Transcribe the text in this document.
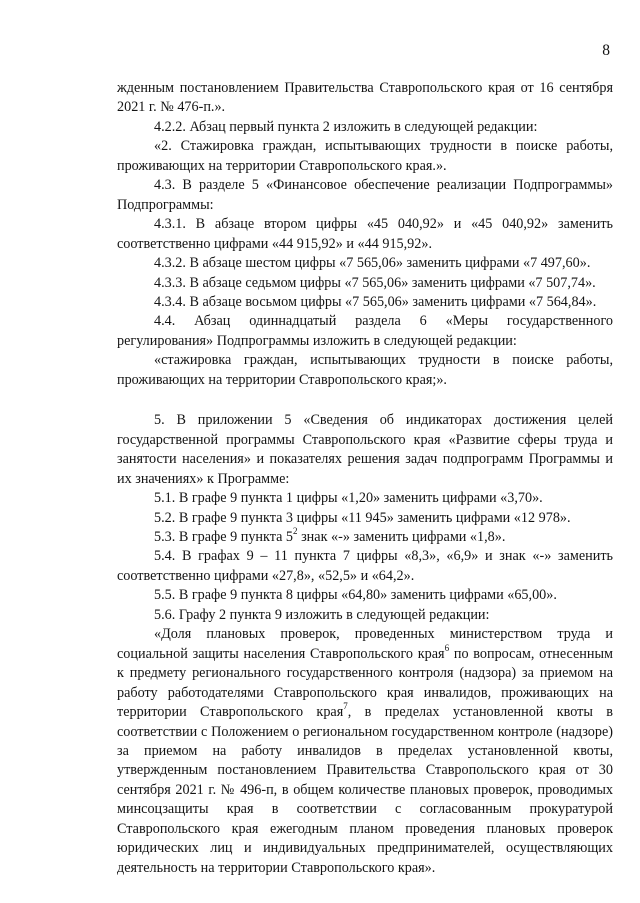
8

жденным постановлением Правительства Ставропольского края от 16 сентября 2021 г. № 476-п.».

4.2.2. Абзац первый пункта 2 изложить в следующей редакции:

«2. Стажировка граждан, испытывающих трудности в поиске работы, проживающих на территории Ставропольского края.».

4.3. В разделе 5 «Финансовое обеспечение реализации Подпрограммы» Подпрограммы:

4.3.1. В абзаце втором цифры «45 040,92» и «45 040,92» заменить соответственно цифрами «44 915,92» и «44 915,92».

4.3.2. В абзаце шестом цифры «7 565,06» заменить цифрами «7 497,60».

4.3.3. В абзаце седьмом цифры «7 565,06» заменить цифрами «7 507,74».

4.3.4. В абзаце восьмом цифры «7 565,06» заменить цифрами «7 564,84».

4.4. Абзац одиннадцатый раздела 6 «Меры государственного регулирования» Подпрограммы изложить в следующей редакции:

«стажировка граждан, испытывающих трудности в поиске работы, проживающих на территории Ставропольского края;».

5. В приложении 5 «Сведения об индикаторах достижения целей государственной программы Ставропольского края «Развитие сферы труда и занятости населения» и показателях решения задач подпрограмм Программы и их значениях» к Программе:

5.1. В графе 9 пункта 1 цифры «1,20» заменить цифрами «3,70».

5.2. В графе 9 пункта 3 цифры «11 945» заменить цифрами «12 978».

5.3. В графе 9 пункта $5^2$ знак «-» заменить цифрами «1,8».

5.4. В графах 9 – 11 пункта 7 цифры «8,3», «6,9» и знак «-» заменить соответственно цифрами «27,8», «52,5» и «64,2».

5.5. В графе 9 пункта 8 цифры «64,80» заменить цифрами «65,00».

5.6. Графу 2 пункта 9 изложить в следующей редакции:

«Доля плановых проверок, проведенных министерством труда и социальной защиты населения Ставропольского края$^6$ по вопросам, отнесенным к предмету регионального государственного контроля (надзора) за приемом на работу работодателями Ставропольского края инвалидов, проживающих на территории Ставропольского края$^7$, в пределах установленной квоты в соответствии с Положением о региональном государственном контроле (надзоре) за приемом на работу инвалидов в пределах установленной квоты, утвержденным постановлением Правительства Ставропольского края от 30 сентября 2021 г. № 496-п, в общем количестве плановых проверок, проводимых минсоцзащиты края в соответствии с согласованным прокуратурой Ставропольского края ежегодным планом проведения плановых проверок юридических лиц и индивидуальных предпринимателей, осуществляющих деятельность на территории Ставропольского края».
